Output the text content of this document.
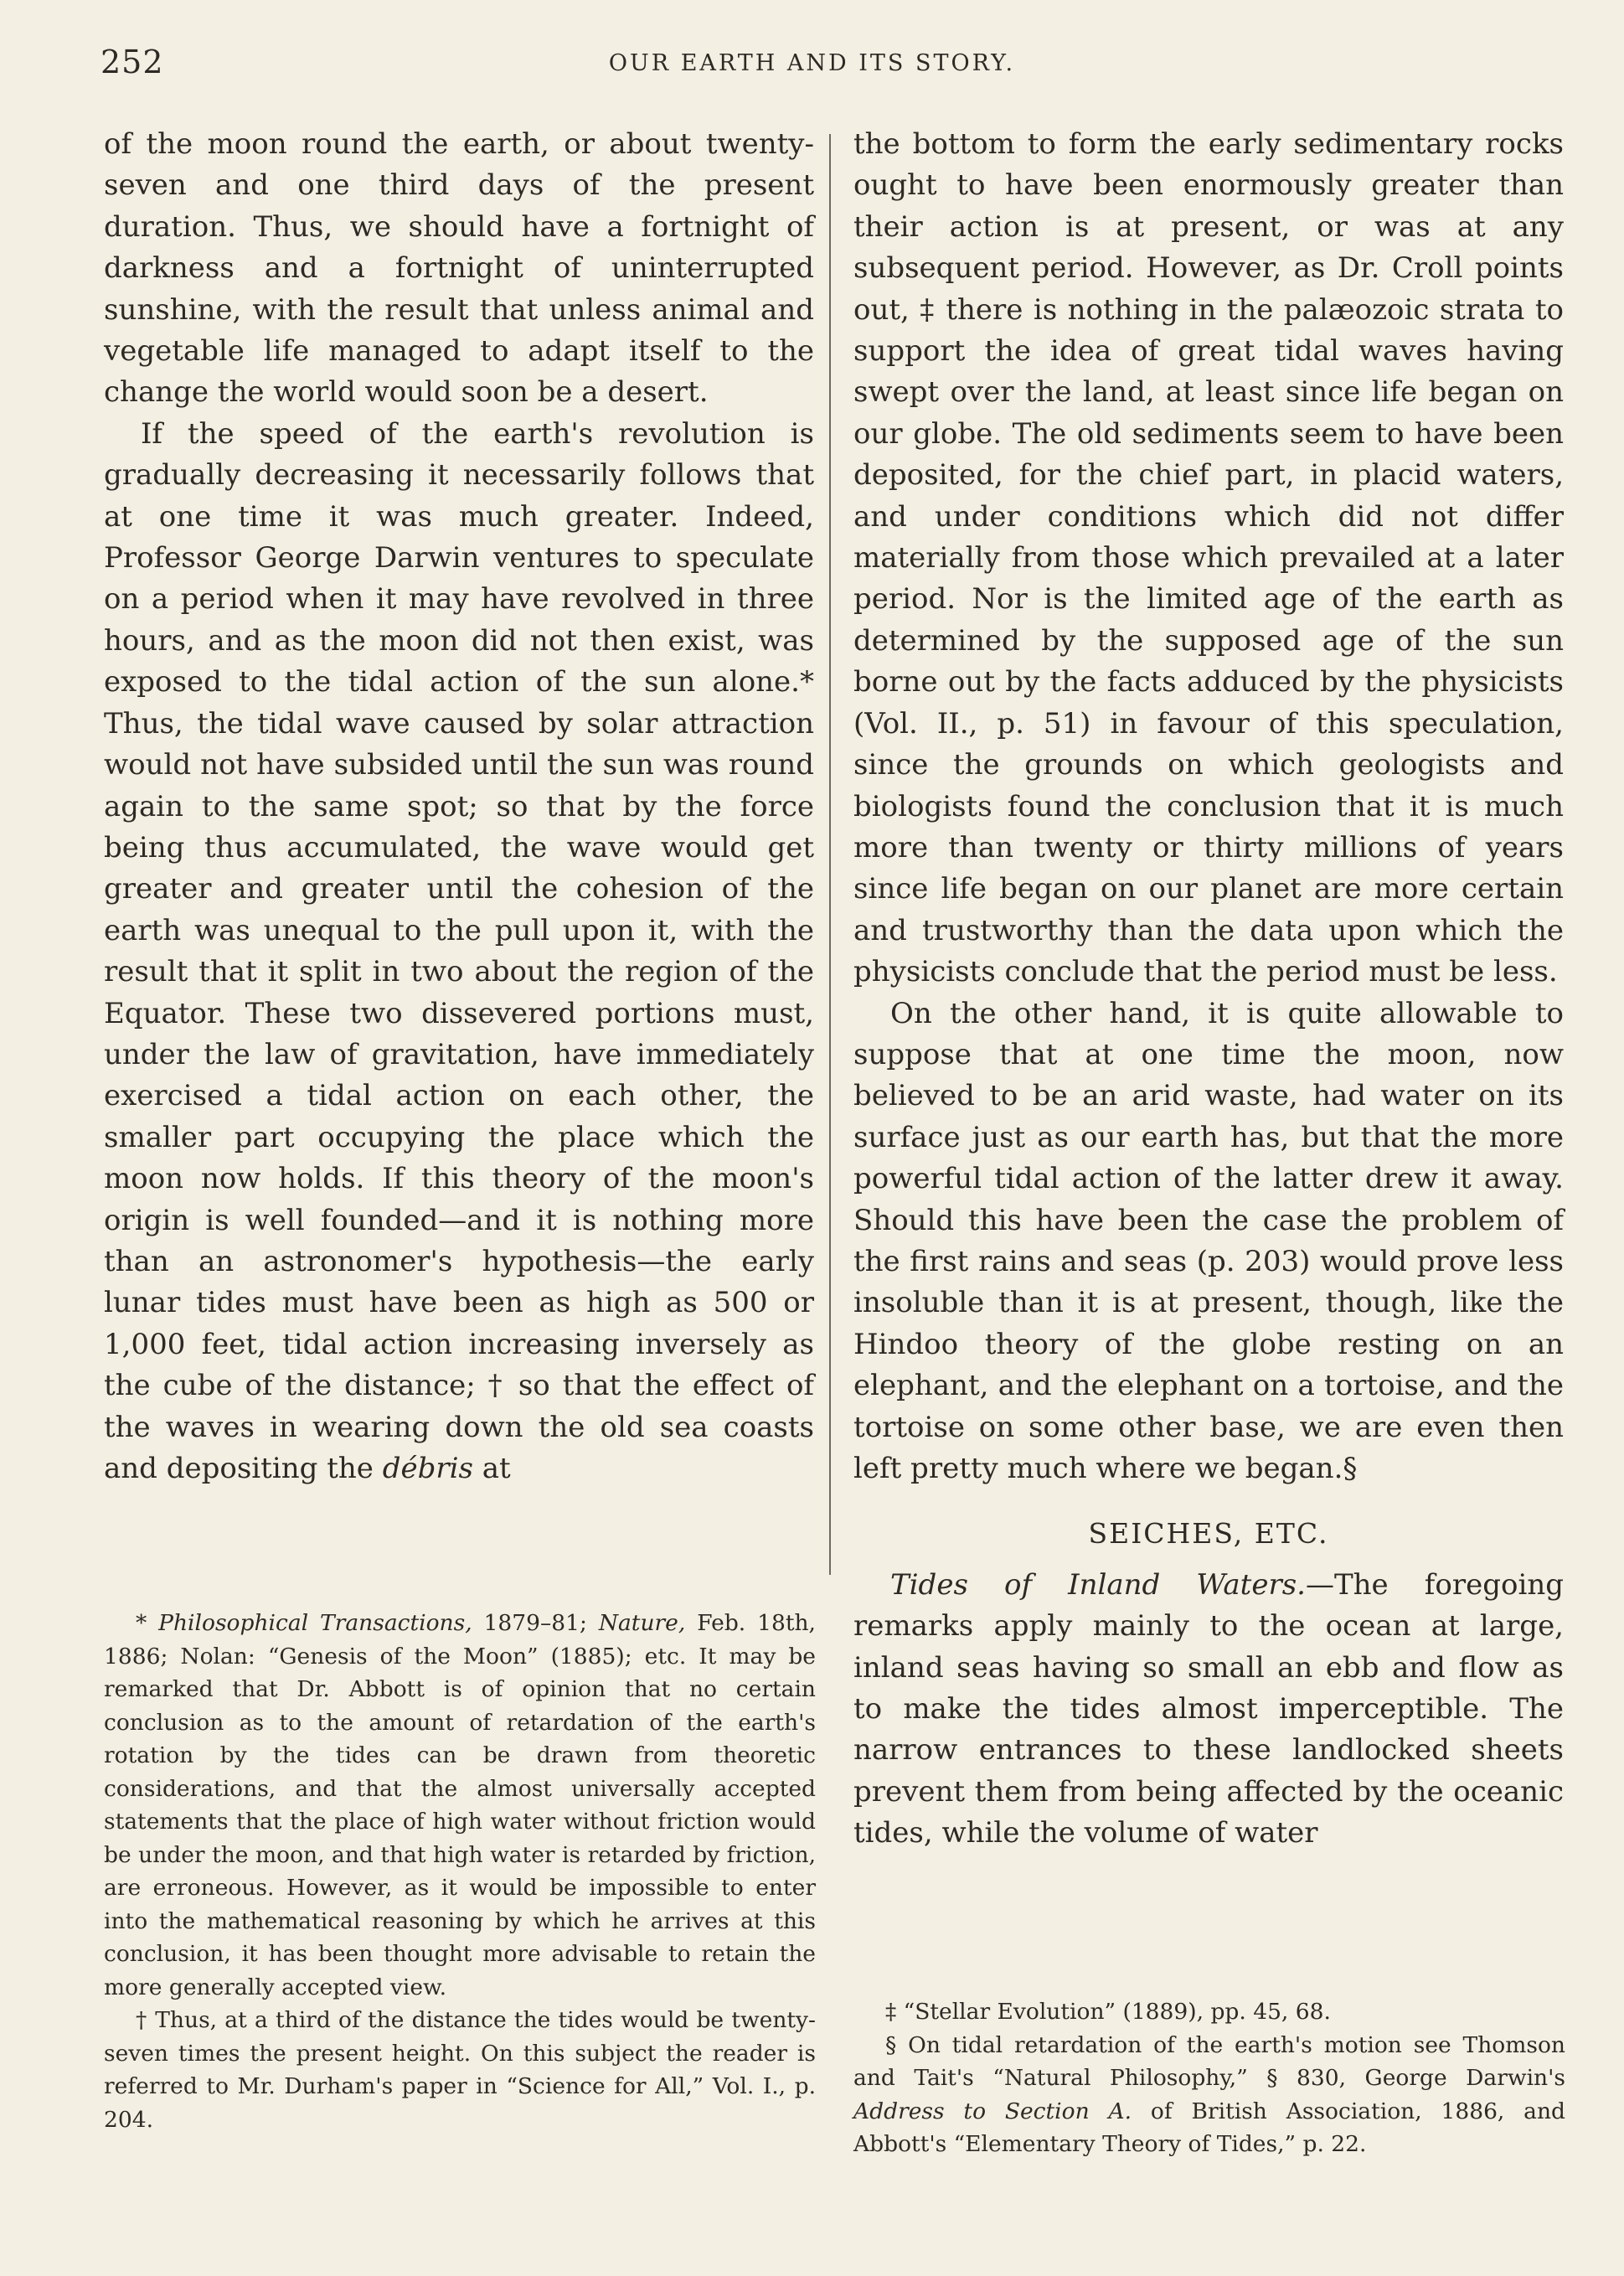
252	OUR EARTH AND ITS STORY.

of the moon round the earth, or about twenty-seven and one third days of the present duration. Thus, we should have a fortnight of darkness and a fortnight of uninterrupted sunshine, with the result that unless animal and vegetable life managed to adapt itself to the change the world would soon be a desert.

If the speed of the earth's revolution is gradually decreasing it necessarily follows that at one time it was much greater. Indeed, Professor George Darwin ventures to speculate on a period when it may have revolved in three hours, and as the moon did not then exist, was exposed to the tidal action of the sun alone.* Thus, the tidal wave caused by solar attraction would not have subsided until the sun was round again to the same spot; so that by the force being thus accumulated, the wave would get greater and greater until the cohesion of the earth was unequal to the pull upon it, with the result that it split in two about the region of the Equator. These two dissevered portions must, under the law of gravitation, have immediately exercised a tidal action on each other, the smaller part occupying the place which the moon now holds. If this theory of the moon's origin is well founded—and it is nothing more than an astronomer's hypothesis—the early lunar tides must have been as high as 500 or 1,000 feet, tidal action increasing inversely as the cube of the distance; † so that the effect of the waves in wearing down the old sea coasts and depositing the débris at

* Philosophical Transactions, 1879–81; Nature, Feb. 18th, 1886; Nolan: “Genesis of the Moon” (1885); etc. It may be remarked that Dr. Abbott is of opinion that no certain conclusion as to the amount of retardation of the earth's rotation by the tides can be drawn from theoretic considerations, and that the almost universally accepted statements that the place of high water without friction would be under the moon, and that high water is retarded by friction, are erroneous. However, as it would be impossible to enter into the mathematical reasoning by which he arrives at this conclusion, it has been thought more advisable to retain the more generally accepted view.

† Thus, at a third of the distance the tides would be twenty-seven times the present height. On this subject the reader is referred to Mr. Durham's paper in “Science for All,” Vol. I., p. 204.

the bottom to form the early sedimentary rocks ought to have been enormously greater than their action is at present, or was at any subsequent period. However, as Dr. Croll points out, ‡ there is nothing in the palæozoic strata to support the idea of great tidal waves having swept over the land, at least since life began on our globe. The old sediments seem to have been deposited, for the chief part, in placid waters, and under conditions which did not differ materially from those which prevailed at a later period. Nor is the limited age of the earth as determined by the supposed age of the sun borne out by the facts adduced by the physicists (Vol. II., p. 51) in favour of this speculation, since the grounds on which geologists and biologists found the conclusion that it is much more than twenty or thirty millions of years since life began on our planet are more certain and trustworthy than the data upon which the physicists conclude that the period must be less.

On the other hand, it is quite allowable to suppose that at one time the moon, now believed to be an arid waste, had water on its surface just as our earth has, but that the more powerful tidal action of the latter drew it away. Should this have been the case the problem of the first rains and seas (p. 203) would prove less insoluble than it is at present, though, like the Hindoo theory of the globe resting on an elephant, and the elephant on a tortoise, and the tortoise on some other base, we are even then left pretty much where we began.§

SEICHES, ETC.

Tides of Inland Waters.—The foregoing remarks apply mainly to the ocean at large, inland seas having so small an ebb and flow as to make the tides almost imperceptible. The narrow entrances to these landlocked sheets prevent them from being affected by the oceanic tides, while the volume of water

‡ “Stellar Evolution” (1889), pp. 45, 68.

§ On tidal retardation of the earth's motion see Thomson and Tait's “Natural Philosophy,” § 830, George Darwin's Address to Section A. of British Association, 1886, and Abbott's “Elementary Theory of Tides,” p. 22.
